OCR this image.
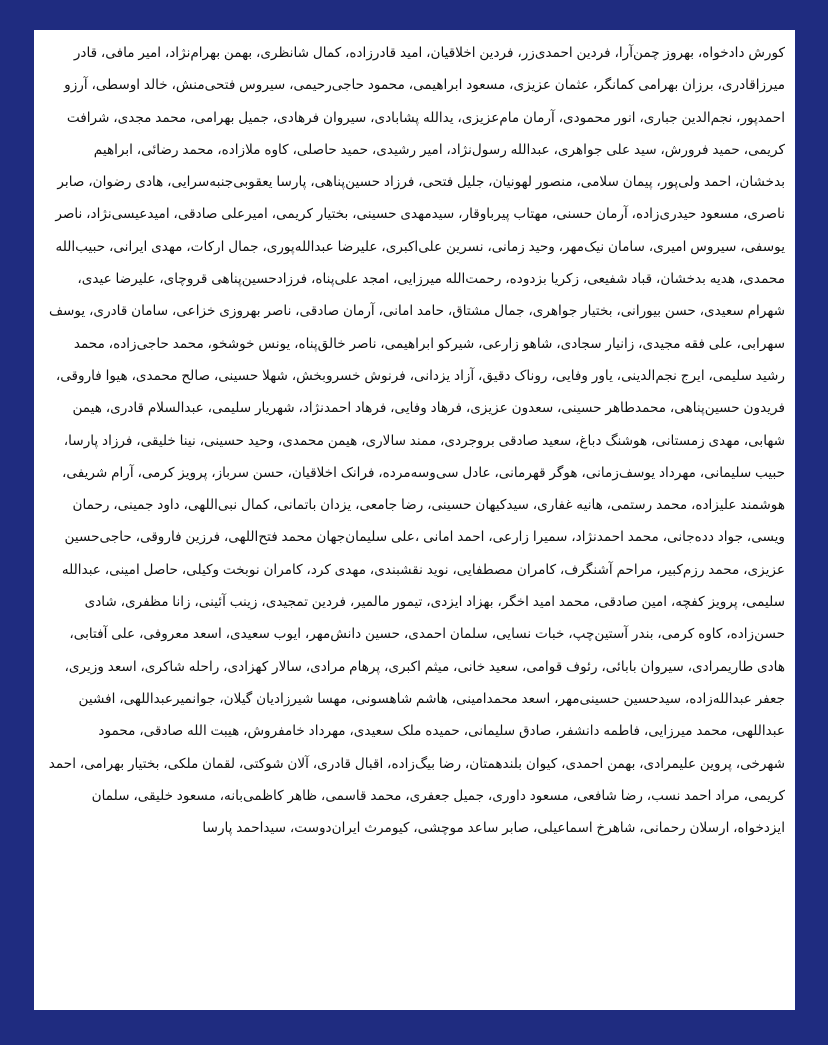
کورش دادخواه، بهروز چمن‌آرا، فردین احمدی‌زر، فردین اخلاقیان، امید قادرزاده، کمال شانظری، بهمن بهرام‌نژاد، امیر مافی، قادر میرزاقادری، برزان بهرامی کمانگر، عثمان عزیزی، مسعود ابراهیمی، محمود حاجی‌رحیمی، سیروس فتحی‌منش، خالد اوسطی، آرزو احمدپور، نجم‌الدین جباری، انور محمودی، آرمان مام‌عزیزی، یدالله پشابادی، سیروان فرهادی، جمیل بهرامی، محمد مجدی، شرافت کریمی، حمید فرورش، سید علی جواهری، عبدالله رسول‌نژاد، امیر رشیدی، حمید حاصلی، کاوه ملازاده، محمد رضائی، ابراهیم بدخشان، احمد ولی‌پور، پیمان سلامی، منصور لهونیان، جلیل فتحی، فرزاد حسین‌پناهی، پارسا یعقوبی‌جنبه‌سرایی، هادی رضوان، صابر ناصری، مسعود حیدری‌زاده، آرمان حسنی، مهتاب پیرباوقار، سیدمهدی حسینی، بختیار کریمی، امیرعلی صادقی، امیدعیسی‌نژاد، ناصر یوسفی، سیروس امیری، سامان نیک‌مهر، وحید زمانی، نسرین علی‌اکبری، علیرضا عبدالله‌پوری، جمال ارکات، مهدی ایرانی، حبیب‌الله محمدی، هدیه بدخشان، قباد شفیعی، زکریا بزدوده، رحمت‌الله میرزایی، امجد علی‌پناه، فرزادحسین‌پناهی قروچای، علیرضا عیدی، شهرام سعیدی، حسن بیورانی، بختیار جواهری، جمال مشتاق، حامد امانی، آرمان صادقی، ناصر بهروزی خزاعی، سامان قادری، یوسف سهرابی، علی فقه مجیدی، زانیار سجادی، شاهو زارعی، شیرکو ابراهیمی، ناصر خالق‌پناه، یونس خوشخو، محمد حاجی‌زاده، محمد رشید سلیمی، ایرج نجم‌الدینی، یاور وفایی، روناک دقیق، آزاد یزدانی، فرنوش خسروبخش، شهلا حسینی، صالح محمدی، هیوا فاروقی، فریدون حسین‌پناهی، محمدطاهر حسینی، سعدون عزیزی، فرهاد وفایی، فرهاد احمدنژاد، شهریار سلیمی، عبدالسلام قادری، هیمن شهابی، مهدی زمستانی، هوشنگ دباغ، سعید صادقی بروجردی، ممند سالاری، هیمن محمدی، وحید حسینی، نینا خلیقی، فرزاد پارسا، حبیب سلیمانی، مهرداد یوسف‌زمانی، هوگر قهرمانی، عادل سی‌وسه‌مرده، فرانک اخلاقیان، حسن سرباز، پرویز کرمی، آرام شریفی، هوشمند علیزاده، محمد رستمی، هانیه غفاری، سیدکیهان حسینی، رضا جامعی، یزدان باتمانی، کمال نبی‌اللهی، داود جمینی، رحمان ویسی، جواد دده‌جانی، محمد احمدنژاد، سمیرا زارعی، احمد امانی ،علی سلیمان‌جهان محمد فتح‌اللهی، فرزین فاروقی، حاجی‌حسین عزیزی، محمد رزم‌کبیر، مراحم آشنگرف، کامران مصطفایی، نوید نقشبندی، مهدی کرد، کامران نوبخت وکیلی، حاصل امینی، عبدالله سلیمی، پرویز کفچه، امین صادقی، محمد امید اخگر، بهزاد ایزدی، تیمور مالمیر، فردین تمجیدی، زینب آئینی، زانا مظفری، شادی حسن‌زاده، کاوه کرمی، بندر آستین‌چپ، خبات نسایی، سلمان احمدی، حسین دانش‌مهر، ایوب سعیدی، اسعد معروفی، علی آفتابی، هادی طاریمرادی، سیروان بابائی، رئوف قوامی، سعید خانی، میثم اکبری، پرهام مرادی، سالار کهزادی، راحله شاکری، اسعد وزیری، جعفر عبدالله‌زاده، سیدحسین حسینی‌مهر، اسعد محمدامینی، هاشم شاهسونی، مهسا شیرزادیان گیلان، جوانمیرعبداللهی، افشین عبداللهی، محمد میرزایی، فاطمه دانشفر، صادق سلیمانی، حمیده ملک سعیدی، مهرداد خامفروش، هیبت الله صادقی، محمود شهرخی، پروین علیمرادی، بهمن احمدی، کیوان بلندهمتان، رضا بیگ‌زاده، اقبال قادری، آلان شوکتی، لقمان ملکی، بختیار بهرامی، احمد کریمی، مراد احمد نسب، رضا شافعی، مسعود داوری، جمیل جعفری، محمد قاسمی، ظاهر کاظمی‌بانه، مسعود خلیقی، سلمان ایزدخواه، ارسلان رحمانی، شاهرخ اسماعیلی، صابر ساعد موچشی، کیومرث ایران‌دوست، سیداحمد پارسا
